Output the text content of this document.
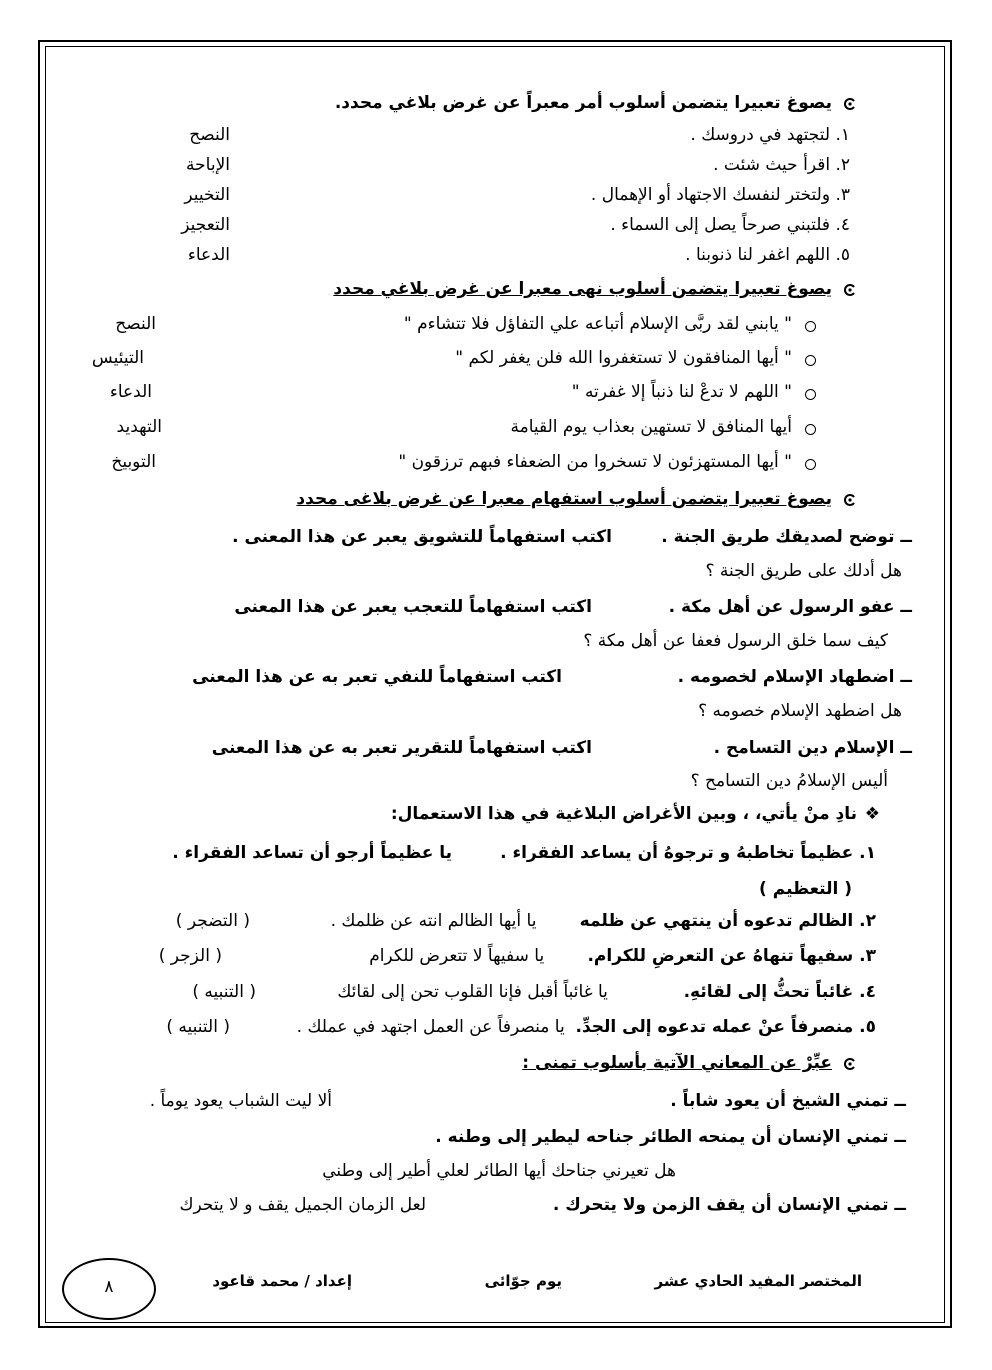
يصوغ تعبيرا يتضمن أسلوب أمر معبراً عن غرض بلاغي محدد.
١. لتجتهد في دروسك .
النصح
٢. اقرأ حيث شئت .
الإباحة
٣. ولتختر لنفسك الاجتهاد أو الإهمال .
التخيير
٤. فلتبني صرحاً يصل إلى السماء .
التعجيز
٥. اللهم اغفر لنا ذنوبنا .
الدعاء
يصوغ تعبيرا يتضمن أسلوب نهى معبرا عن غرض بلاغي محدد
" يابني لقد ربَّى الإسلام أتباعه علي التفاؤل فلا تتشاءم "
النصح
" أيها المنافقون لا تستغفروا الله فلن يغفر لكم "
التيئيس
" اللهم لا تدعْ لنا ذنباً إلا غفرته "
الدعاء
أيها المنافق لا تستهين بعذاب يوم القيامة
التهديد
" أيها المستهزئون لا تسخروا من الضعفاء فبهم ترزقون "
التوبيخ
يصوغ تعبيرا يتضمن أسلوب استفهام معبرا عن غرض بلاغى محدد
ــ توضح لصديقك طريق الجنة .
اكتب استفهاماً للتشويق يعبر عن هذا المعنى .
هل أدلك على طريق الجنة ؟
ــ عفو الرسول عن أهل مكة .
اكتب استفهاماً للتعجب يعبر عن هذا المعنى
كيف سما خلق الرسول فعفا عن أهل مكة ؟
ــ اضطهاد الإسلام لخصومه .
اكتب استفهاماً للنفي تعبر به عن هذا المعنى
هل اضطهد الإسلام خصومه ؟
ــ الإسلام دين التسامح .
اكتب استفهاماً للتقرير تعبر به عن هذا المعنى
أليس الإسلامُ دين التسامح ؟
❖
نادِ منْ يأتي، ، وبين الأغراض البلاغية في هذا الاستعمال:
١. عظيماً تخاطبهُ و ترجوهُ أن يساعد الفقراء .
يا عظيماً أرجو أن تساعد الفقراء .
( التعظيم )
٢. الظالم تدعوه أن ينتهي عن ظلمه        يا أيها الظالم انته عن ظلمك .
( التضجر )
٣. سفيهاً تنهاهُ عن التعرضِ للكرام.        يا سفيهاً لا تتعرض للكرام
( الزجر )
٤. غائباً تحثُّ إلى لقائهِ.              يا غائباً أقبل فإنا القلوب تحن إلى لقائك
( التنبيه )
٥. منصرفاً عنْ عمله تدعوه إلى الجدِّ.  يا منصرفاً عن العمل اجتهد في عملك .
( التنبيه )
عبِّرْ عن المعاني الآتية بأسلوب تمنى :
ــ تمني الشيخ أن يعود شاباً .
ألا ليت الشباب يعود يوماً .
ــ تمني الإنسان أن يمنحه الطائر جناحه ليطير إلى وطنه .
هل تعيرني جناحك أيها الطائر لعلي أطير إلى وطني
ــ تمني الإنسان أن يقف الزمن ولا يتحرك .
لعل الزمان الجميل يقف و لا يتحرك
المختصر المفيد الحادي عشر
يوم جوّائى
إعداد / محمد قاعود
٨
